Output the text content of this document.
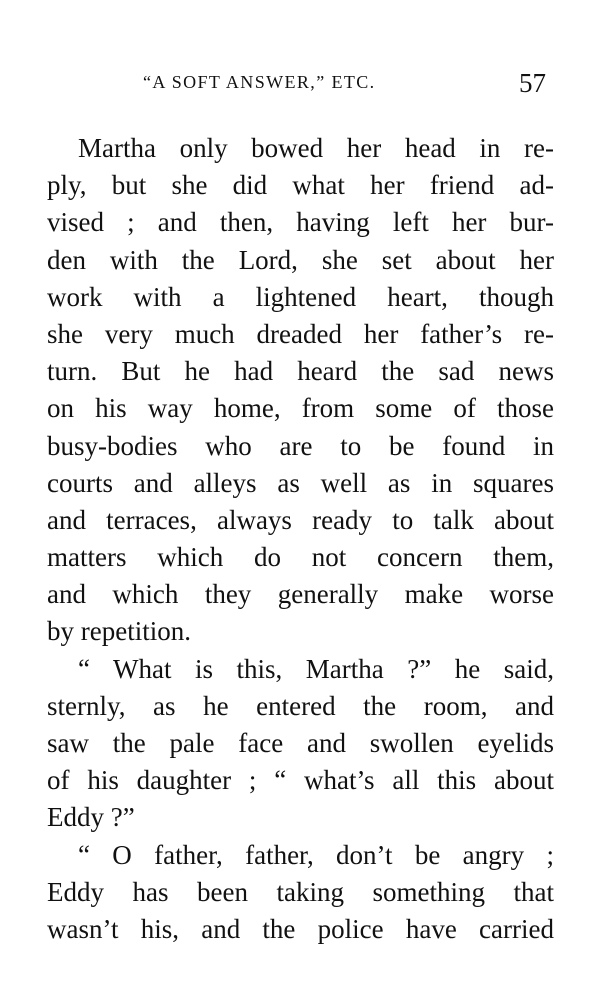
“A SOFT ANSWER,” ETC.	57
Martha only bowed her head in re-
ply, but she did what her friend ad-
vised ; and then, having left her bur-
den with the Lord, she set about her
work with a lightened heart, though
she very much dreaded her father’s re-
turn. But he had heard the sad news
on his way home, from some of those
busy-bodies who are to be found in
courts and alleys as well as in squares
and terraces, always ready to talk about
matters which do not concern them,
and which they generally make worse
by repetition.
“ What is this, Martha ?” he said,
sternly, as he entered the room, and
saw the pale face and swollen eyelids
of his daughter ; “ what’s all this about
Eddy ?”
“ O father, father, don’t be angry ;
Eddy has been taking something that
wasn’t his, and the police have carried
